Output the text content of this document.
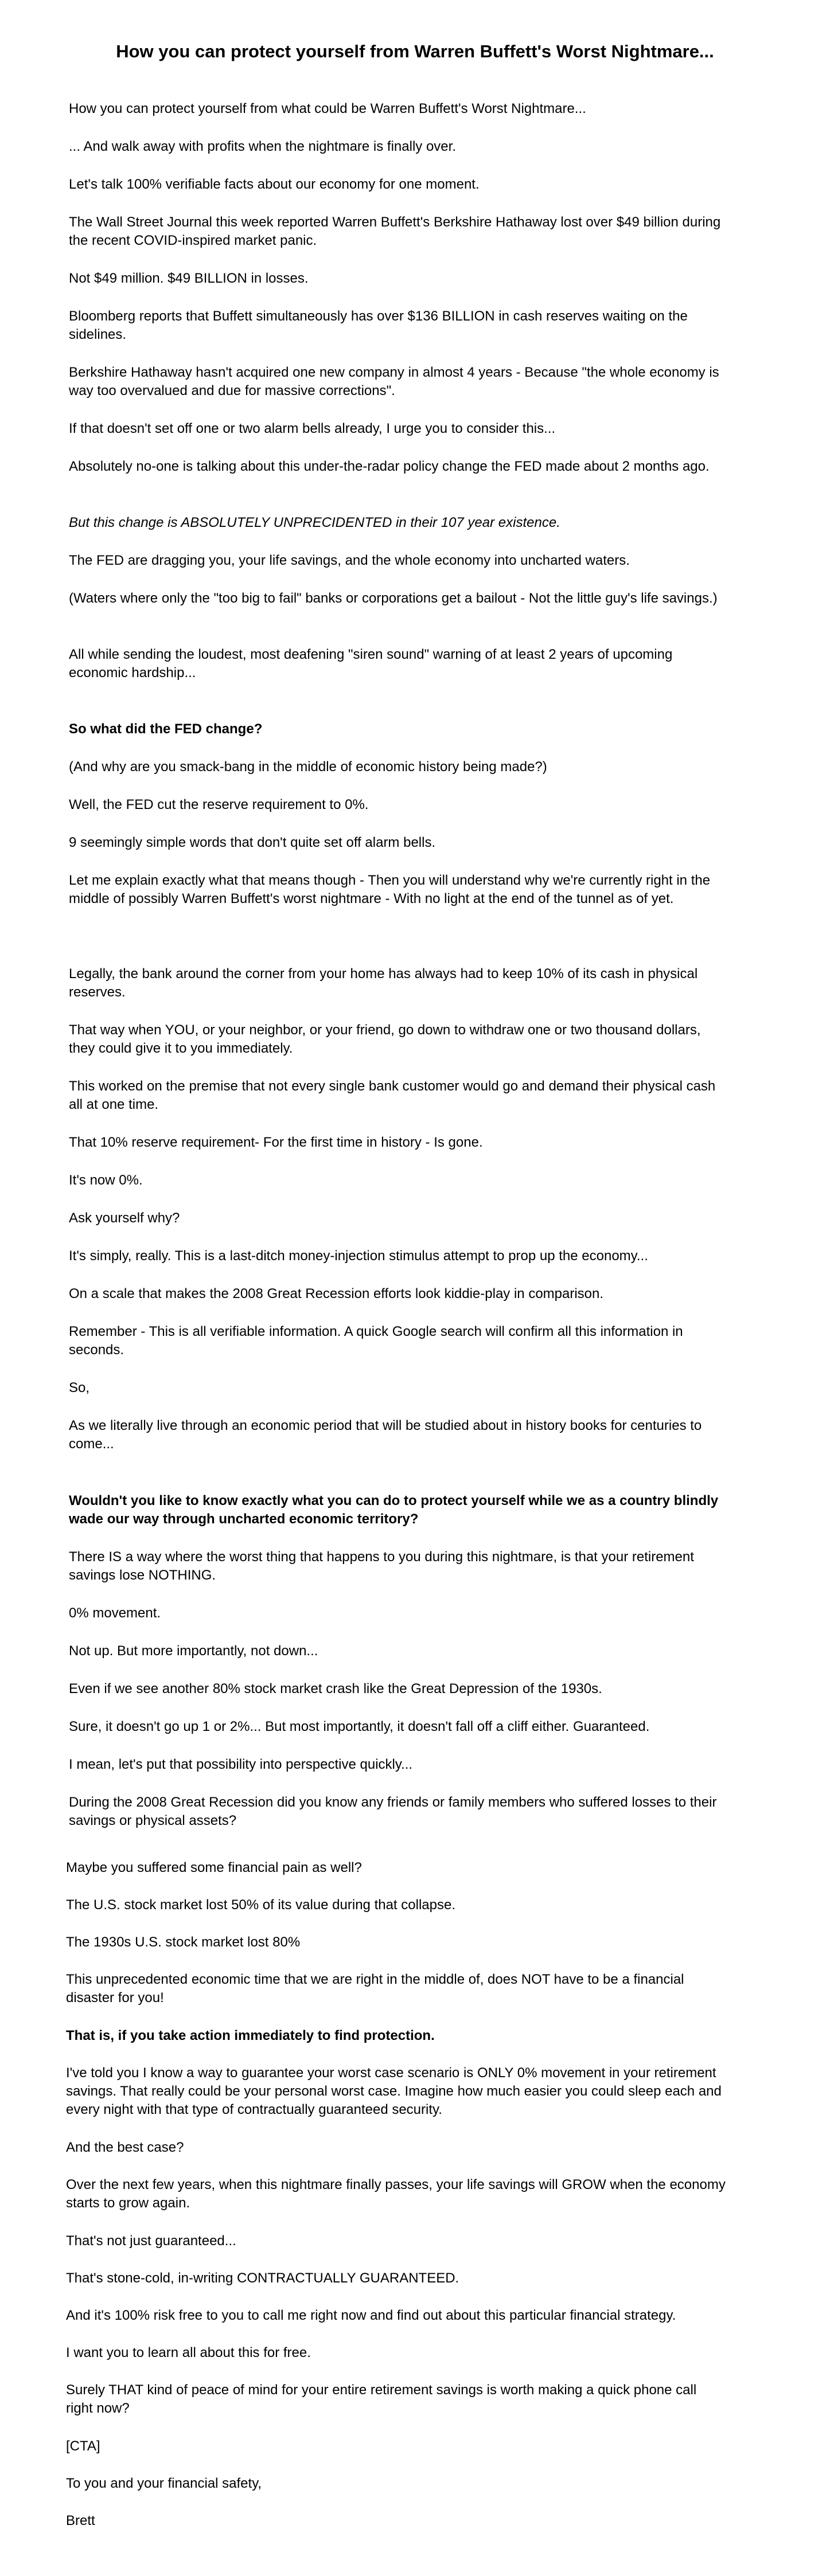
How you can protect yourself from Warren Buffett's Worst Nightmare...

How you can protect yourself from what could be Warren Buffett's Worst Nightmare...

... And walk away with profits when the nightmare is finally over.

Let's talk 100% verifiable facts about our economy for one moment.

The Wall Street Journal this week reported Warren Buffett's Berkshire Hathaway lost over $49 billion during the recent COVID-inspired market panic.

Not $49 million. $49 BILLION in losses.

Bloomberg reports that Buffett simultaneously has over $136 BILLION in cash reserves waiting on the sidelines.

Berkshire Hathaway hasn't acquired one new company in almost 4 years - Because "the whole economy is way too overvalued and due for massive corrections".

If that doesn't set off one or two alarm bells already, I urge you to consider this...

Absolutely no-one is talking about this under-the-radar policy change the FED made about 2 months ago.

But this change is ABSOLUTELY UNPRECIDENTED in their 107 year existence.

The FED are dragging you, your life savings, and the whole economy into uncharted waters.

(Waters where only the "too big to fail" banks or corporations get a bailout - Not the little guy's life savings.)

All while sending the loudest, most deafening "siren sound" warning of at least 2 years of upcoming economic hardship...

So what did the FED change?

(And why are you smack-bang in the middle of economic history being made?)

Well, the FED cut the reserve requirement to 0%.

9 seemingly simple words that don't quite set off alarm bells.

Let me explain exactly what that means though - Then you will understand why we're currently right in the middle of possibly Warren Buffett's worst nightmare - With no light at the end of the tunnel as of yet.

Legally, the bank around the corner from your home has always had to keep 10% of its cash in physical reserves.

That way when YOU, or your neighbor, or your friend, go down to withdraw one or two thousand dollars, they could give it to you immediately.

This worked on the premise that not every single bank customer would go and demand their physical cash all at one time.

That 10% reserve requirement- For the first time in history - Is gone.

It's now 0%.

Ask yourself why?

It's simply, really. This is a last-ditch money-injection stimulus attempt to prop up the economy...

On a scale that makes the 2008 Great Recession efforts look kiddie-play in comparison.

Remember - This is all verifiable information. A quick Google search will confirm all this information in seconds.

So,

As we literally live through an economic period that will be studied about in history books for centuries to come...

Wouldn't you like to know exactly what you can do to protect yourself while we as a country blindly wade our way through uncharted economic territory?

There IS a way where the worst thing that happens to you during this nightmare, is that your retirement savings lose NOTHING.

0% movement.

Not up. But more importantly, not down...

Even if we see another 80% stock market crash like the Great Depression of the 1930s.

Sure, it doesn't go up 1 or 2%... But most importantly, it doesn't fall off a cliff either. Guaranteed.

I mean, let's put that possibility into perspective quickly...

During the 2008 Great Recession did you know any friends or family members who suffered losses to their savings or physical assets?

Maybe you suffered some financial pain as well?

The U.S. stock market lost 50% of its value during that collapse.

The 1930s U.S. stock market lost 80%

This unprecedented economic time that we are right in the middle of, does NOT have to be a financial disaster for you!

That is, if you take action immediately to find protection.

I've told you I know a way to guarantee your worst case scenario is ONLY 0% movement in your retirement savings. That really could be your personal worst case. Imagine how much easier you could sleep each and every night with that type of contractually guaranteed security.

And the best case?

Over the next few years, when this nightmare finally passes, your life savings will GROW when the economy starts to grow again.

That's not just guaranteed...

That's stone-cold, in-writing CONTRACTUALLY GUARANTEED.

And it's 100% risk free to you to call me right now and find out about this particular financial strategy.

I want you to learn all about this for free.

Surely THAT kind of peace of mind for your entire retirement savings is worth making a quick phone call right now?

[CTA]

To you and your financial safety,

Brett
